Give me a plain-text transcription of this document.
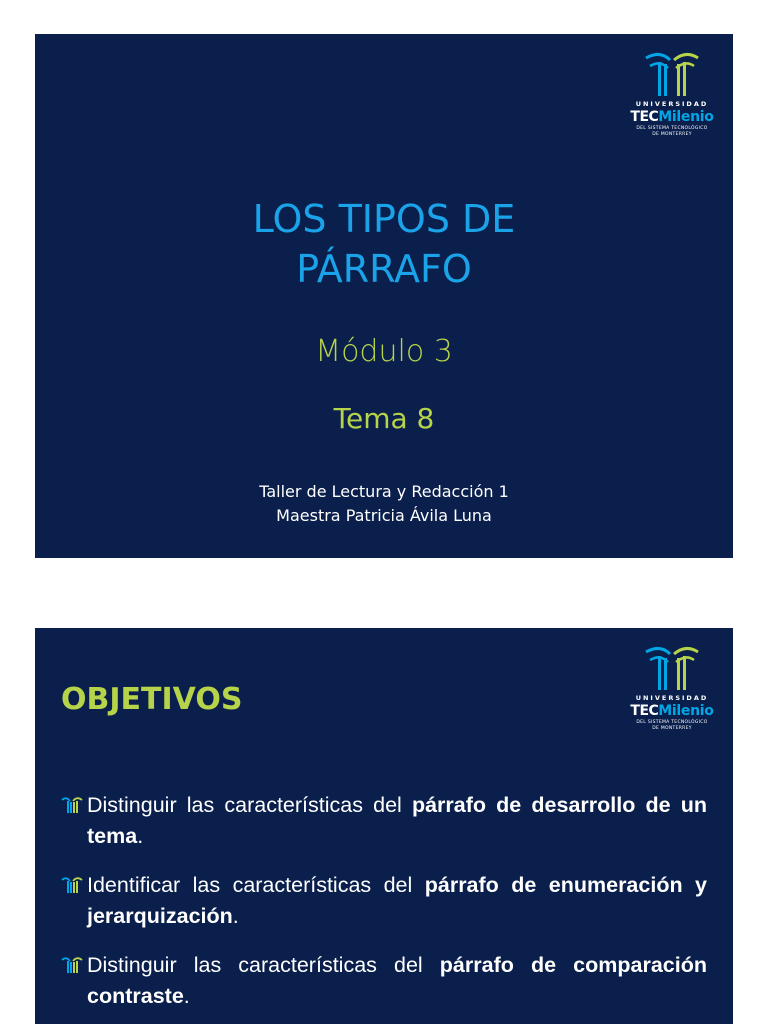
UNIVERSIDAD
TECMilenio
DEL SISTEMA TECNOLÓGICO
DE MONTERREY
LOS TIPOS DE
PÁRRAFO
Módulo 3
Tema 8
Taller de Lectura y Redacción 1
Maestra Patricia Ávila Luna
UNIVERSIDAD
TECMilenio
DEL SISTEMA TECNOLÓGICO
DE MONTERREY
OBJETIVOS
Distinguir las características del párrafo de desarrollo de un tema.
Identificar las características del párrafo de enumeración y jerarquización.
Distinguir las características del párrafo de comparación contraste.
